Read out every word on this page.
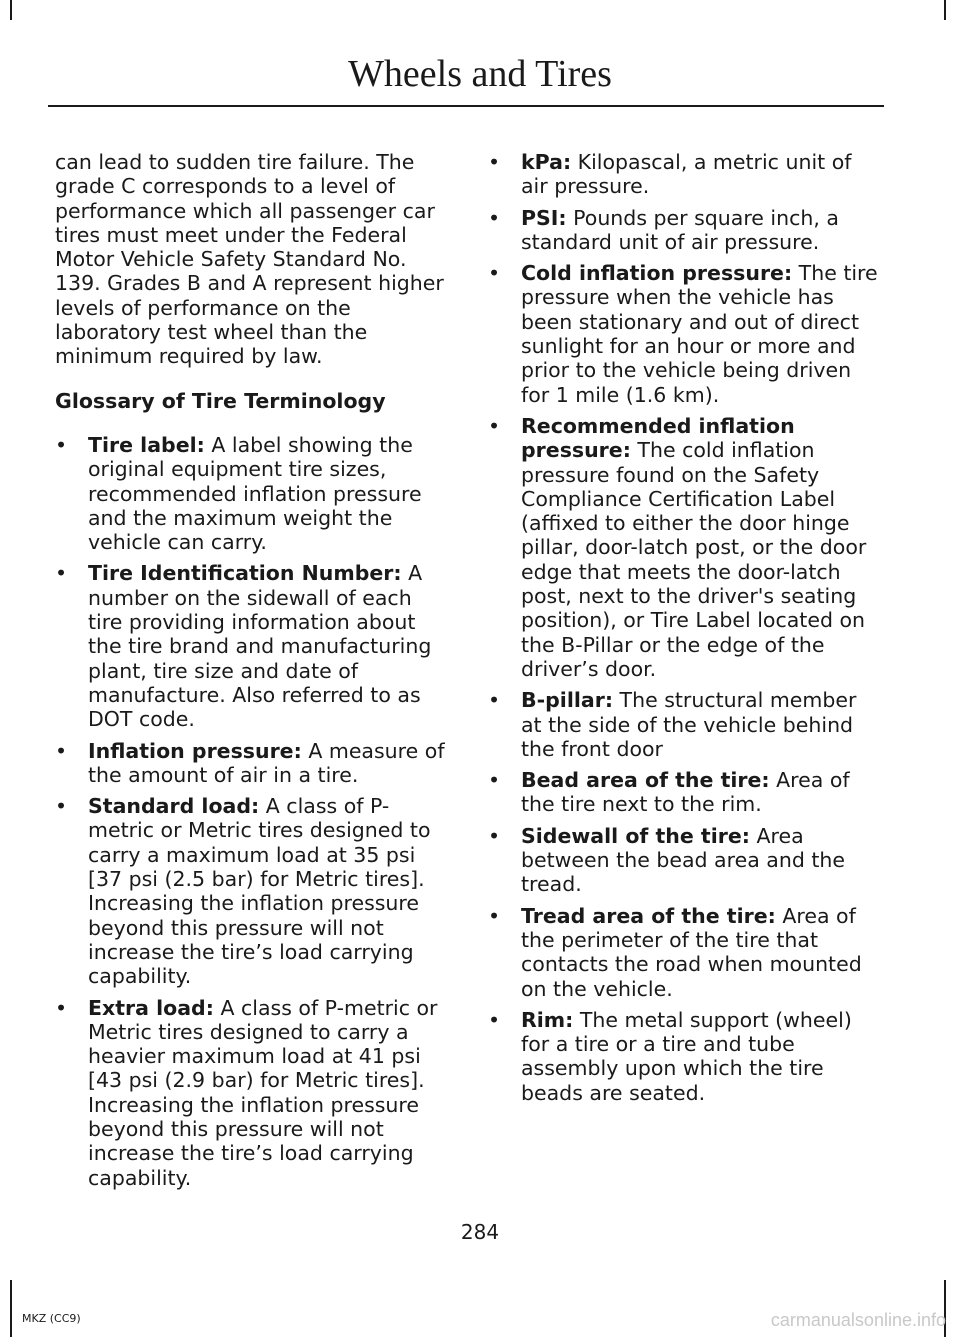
Wheels and Tires

can lead to sudden tire failure. The grade C corresponds to a level of performance which all passenger car tires must meet under the Federal Motor Vehicle Safety Standard No. 139. Grades B and A represent higher levels of performance on the laboratory test wheel than the minimum required by law.

Glossary of Tire Terminology
• Tire label: A label showing the original equipment tire sizes, recommended inflation pressure and the maximum weight the vehicle can carry.
• Tire Identification Number: A number on the sidewall of each tire providing information about the tire brand and manufacturing plant, tire size and date of manufacture. Also referred to as DOT code.
• Inflation pressure: A measure of the amount of air in a tire.
• Standard load: A class of P-metric or Metric tires designed to carry a maximum load at 35 psi [37 psi (2.5 bar) for Metric tires]. Increasing the inflation pressure beyond this pressure will not increase the tire’s load carrying capability.
• Extra load: A class of P-metric or Metric tires designed to carry a heavier maximum load at 41 psi [43 psi (2.9 bar) for Metric tires]. Increasing the inflation pressure beyond this pressure will not increase the tire’s load carrying capability.
• kPa: Kilopascal, a metric unit of air pressure.
• PSI: Pounds per square inch, a standard unit of air pressure.
• Cold inflation pressure: The tire pressure when the vehicle has been stationary and out of direct sunlight for an hour or more and prior to the vehicle being driven for 1 mile (1.6 km).
• Recommended inflation pressure: The cold inflation pressure found on the Safety Compliance Certification Label (affixed to either the door hinge pillar, door-latch post, or the door edge that meets the door-latch post, next to the driver's seating position), or Tire Label located on the B-Pillar or the edge of the driver’s door.
• B-pillar: The structural member at the side of the vehicle behind the front door
• Bead area of the tire: Area of the tire next to the rim.
• Sidewall of the tire: Area between the bead area and the tread.
• Tread area of the tire: Area of the perimeter of the tire that contacts the road when mounted on the vehicle.
• Rim: The metal support (wheel) for a tire or a tire and tube assembly upon which the tire beads are seated.
284
MKZ (CC9)	carmanualsonline.info
